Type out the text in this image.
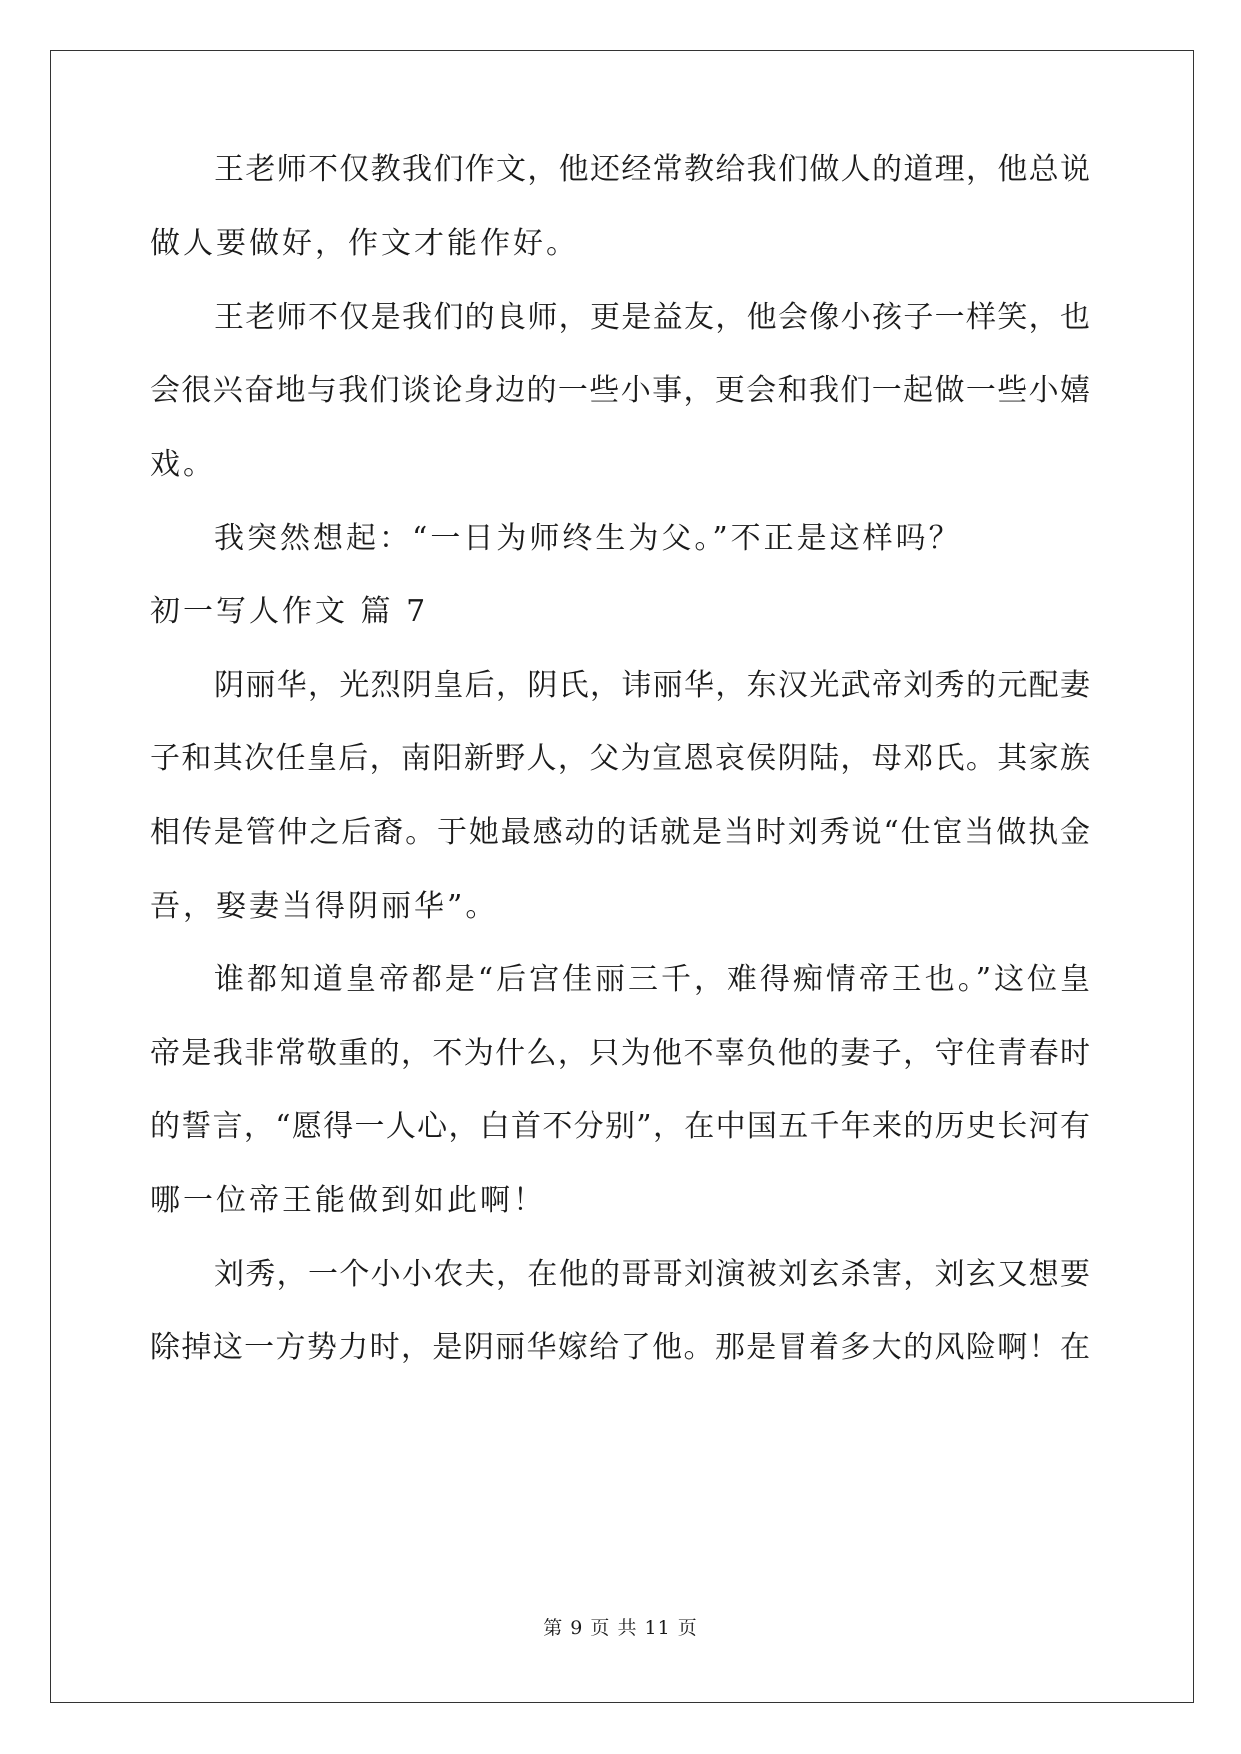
王老师不仅教我们作文，他还经常教给我们做人的道理，他总说
做人要做好，作文才能作好。
王老师不仅是我们的良师，更是益友，他会像小孩子一样笑，也
会很兴奋地与我们谈论身边的一些小事，更会和我们一起做一些小嬉
戏。
我突然想起：“一日为师终生为父。”不正是这样吗？
初一写人作文 篇 7
阴丽华，光烈阴皇后，阴氏，讳丽华，东汉光武帝刘秀的元配妻
子和其次任皇后，南阳新野人，父为宣恩哀侯阴陆，母邓氏。其家族
相传是管仲之后裔。于她最感动的话就是当时刘秀说“仕宦当做执金
吾，娶妻当得阴丽华”。
谁都知道皇帝都是“后宫佳丽三千，难得痴情帝王也。”这位皇
帝是我非常敬重的，不为什么，只为他不辜负他的妻子，守住青春时
的誓言，“愿得一人心，白首不分别”，在中国五千年来的历史长河有
哪一位帝王能做到如此啊！
刘秀，一个小小农夫，在他的哥哥刘演被刘玄杀害，刘玄又想要
除掉这一方势力时，是阴丽华嫁给了他。那是冒着多大的风险啊！在
第 9 页 共 11 页
